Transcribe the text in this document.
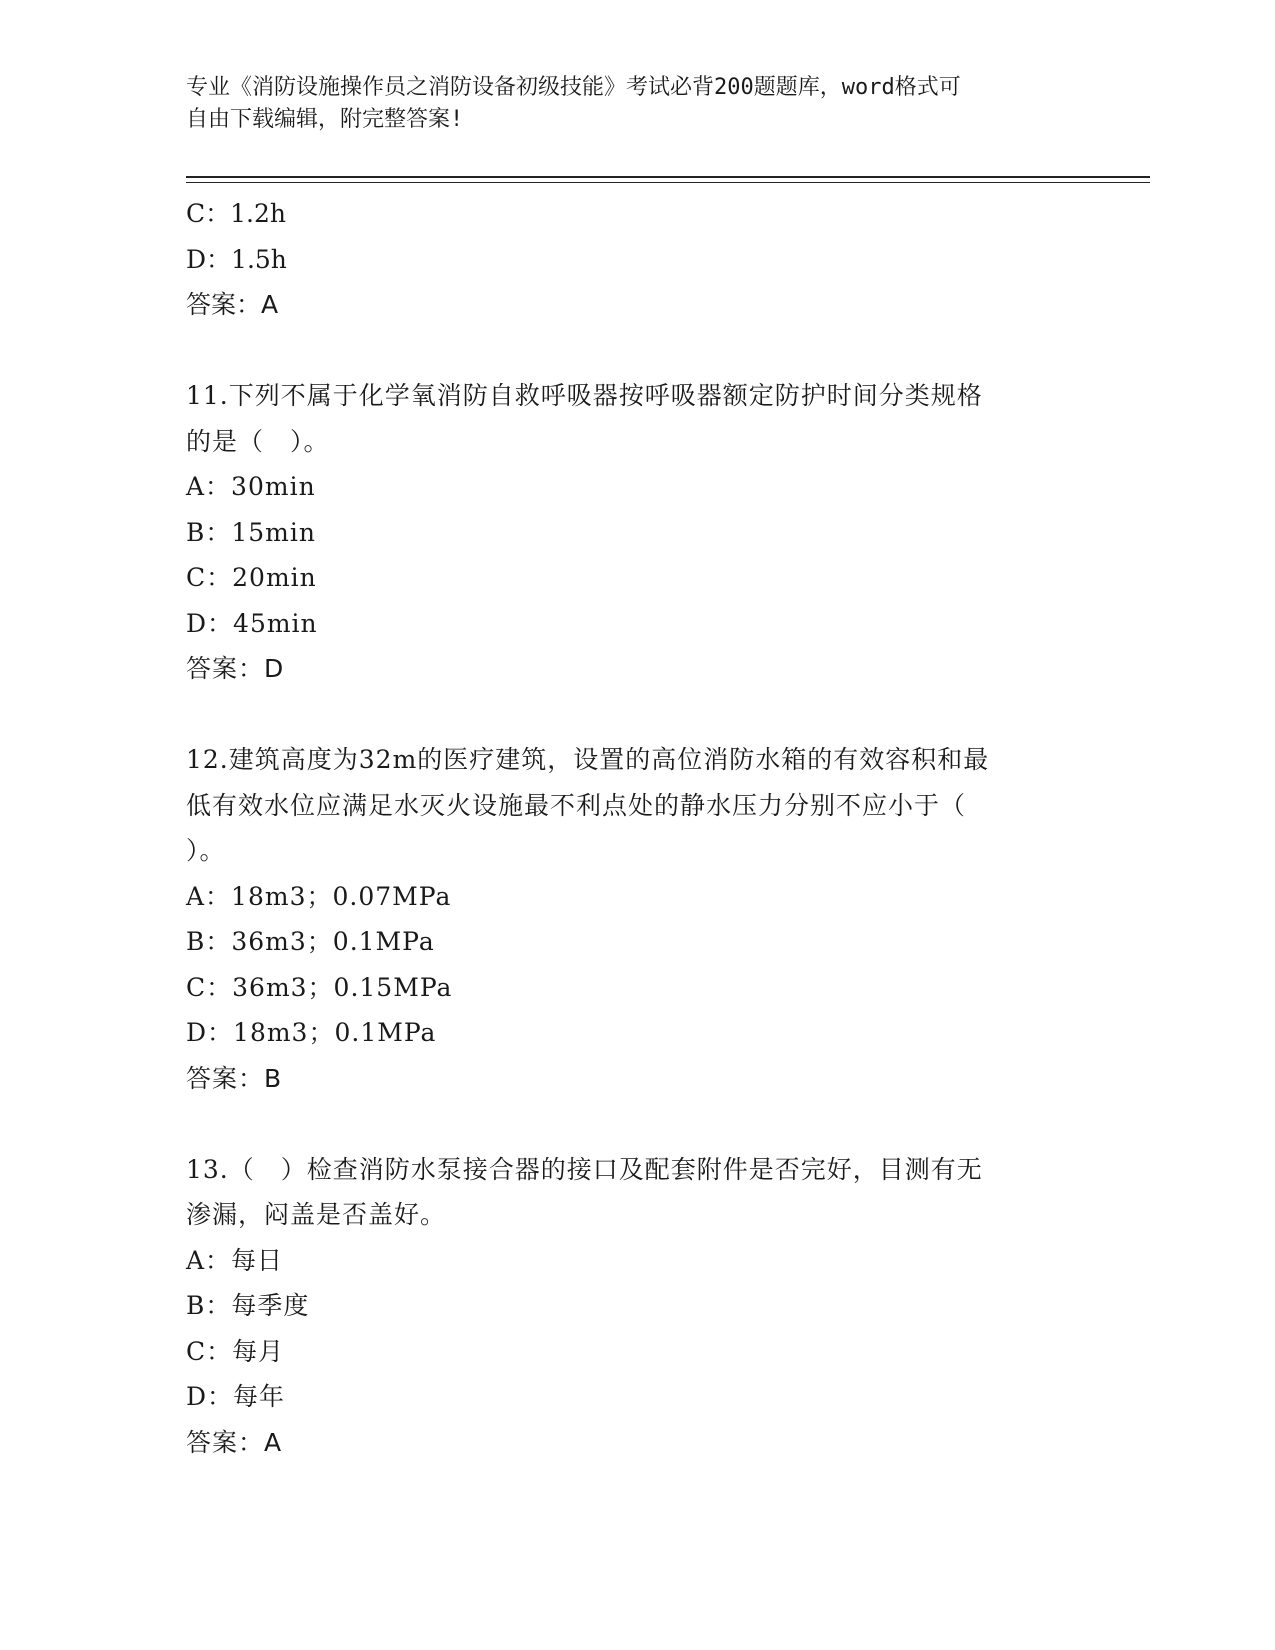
专业《消防设施操作员之消防设备初级技能》考试必背200题题库，word格式可
自由下载编辑，附完整答案!
C：1.2h
D：1.5h
答案：A
11.下列不属于化学氧消防自救呼吸器按呼吸器额定防护时间分类规格
的是（　）。
A：30min
B：15min
C：20min
D：45min
答案：D
12.建筑高度为32m的医疗建筑，设置的高位消防水箱的有效容积和最
低有效水位应满足水灭火设施最不利点处的静水压力分别不应小于（
）。
A：18m3；0.07MPa
B：36m3；0.1MPa
C：36m3；0.15MPa
D：18m3；0.1MPa
答案：B
13.（　）检查消防水泵接合器的接口及配套附件是否完好，目测有无
渗漏，闷盖是否盖好。
A：每日
B：每季度
C：每月
D：每年
答案：A
